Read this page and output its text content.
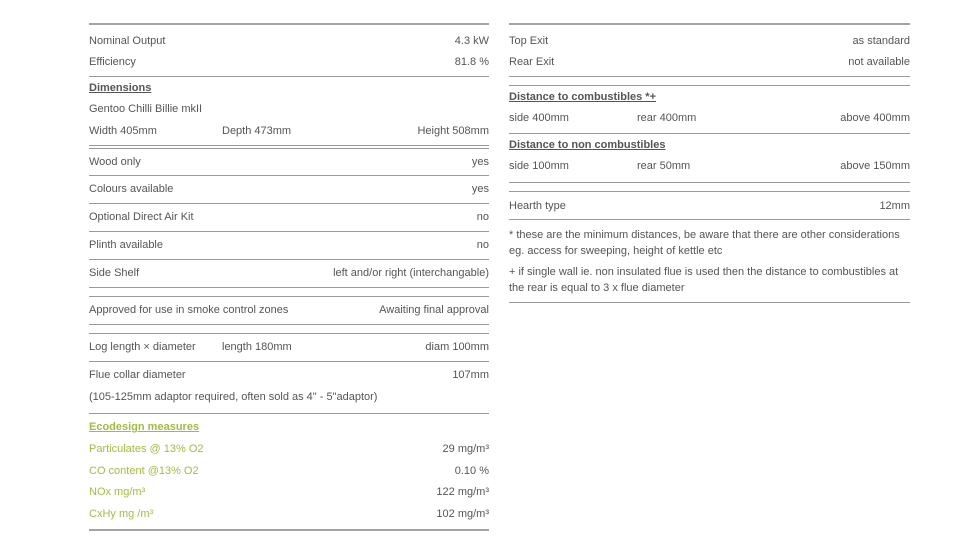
Nominal Output	4.3 kW
Efficiency	81.8 %
Dimensions
Gentoo Chilli Billie mkII
Width 405mm	Depth 473mm	Height 508mm
Wood only	yes
Colours available	yes
Optional Direct Air Kit	no
Plinth available	no
Side Shelf	left and/or right (interchangable)
Approved for use in smoke control zones	Awaiting final approval
Log length × diameter	length 180mm	diam 100mm
Flue collar diameter	107mm
(105-125mm adaptor required, often sold as 4" - 5"adaptor)
Ecodesign measures
Particulates @ 13% O2	29 mg/m³
CO content @13% O2	0.10 %
NOx mg/m³	122 mg/m³
CxHy mg /m³	102 mg/m³
Top Exit	as standard
Rear Exit	not available
Distance to combustibles *+
side 400mm	rear 400mm	above 400mm
Distance to non combustibles
side 100mm	rear 50mm	above 150mm
Hearth type	12mm
* these are the minimum distances, be aware that there are other considerations eg. access for sweeping, height of kettle etc
+ if single wall ie. non insulated flue is used then the distance to combustibles at the rear is equal to 3 x flue diameter
